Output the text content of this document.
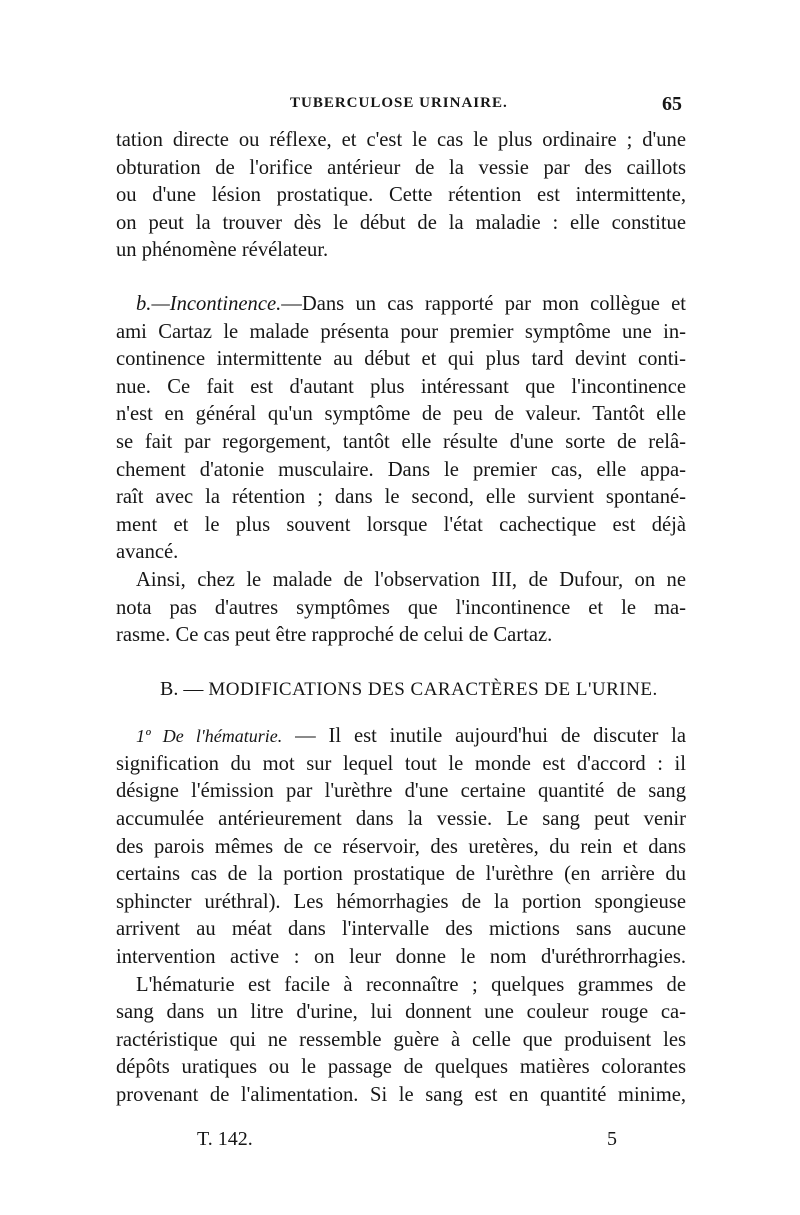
TUBERCULOSE URINAIRE.	65
tation directe ou réflexe, et c'est le cas le plus ordinaire ; d'une
obturation de l'orifice antérieur de la vessie par des caillots
ou d'une lésion prostatique. Cette rétention est intermittente,
on peut la trouver dès le début de la maladie : elle constitue
un phénomène révélateur.
b.—Incontinence.—Dans un cas rapporté par mon collègue et
ami Cartaz le malade présenta pour premier symptôme une in-
continence intermittente au début et qui plus tard devint conti-
nue. Ce fait est d'autant plus intéressant que l'incontinence
n'est en général qu'un symptôme de peu de valeur. Tantôt elle
se fait par regorgement, tantôt elle résulte d'une sorte de relâ-
chement d'atonie musculaire. Dans le premier cas, elle appa-
raît avec la rétention ; dans le second, elle survient spontané-
ment et le plus souvent lorsque l'état cachectique est déjà
avancé.
Ainsi, chez le malade de l'observation III, de Dufour, on ne
nota pas d'autres symptômes que l'incontinence et le ma-
rasme. Ce cas peut être rapproché de celui de Cartaz.
B. — MODIFICATIONS DES CARACTÈRES DE L'URINE.
1º De l'hématurie. — Il est inutile aujourd'hui de discuter la
signification du mot sur lequel tout le monde est d'accord : il
désigne l'émission par l'urèthre d'une certaine quantité de sang
accumulée antérieurement dans la vessie. Le sang peut venir
des parois mêmes de ce réservoir, des uretères, du rein et dans
certains cas de la portion prostatique de l'urèthre (en arrière du
sphincter uréthral). Les hémorrhagies de la portion spongieuse
arrivent au méat dans l'intervalle des mictions sans aucune
intervention active : on leur donne le nom d'uréthrorrhagies.
L'hématurie est facile à reconnaître ; quelques grammes de
sang dans un litre d'urine, lui donnent une couleur rouge ca-
ractéristique qui ne ressemble guère à celle que produisent les
dépôts uratiques ou le passage de quelques matières colorantes
provenant de l'alimentation. Si le sang est en quantité minime,
T. 142.	5
